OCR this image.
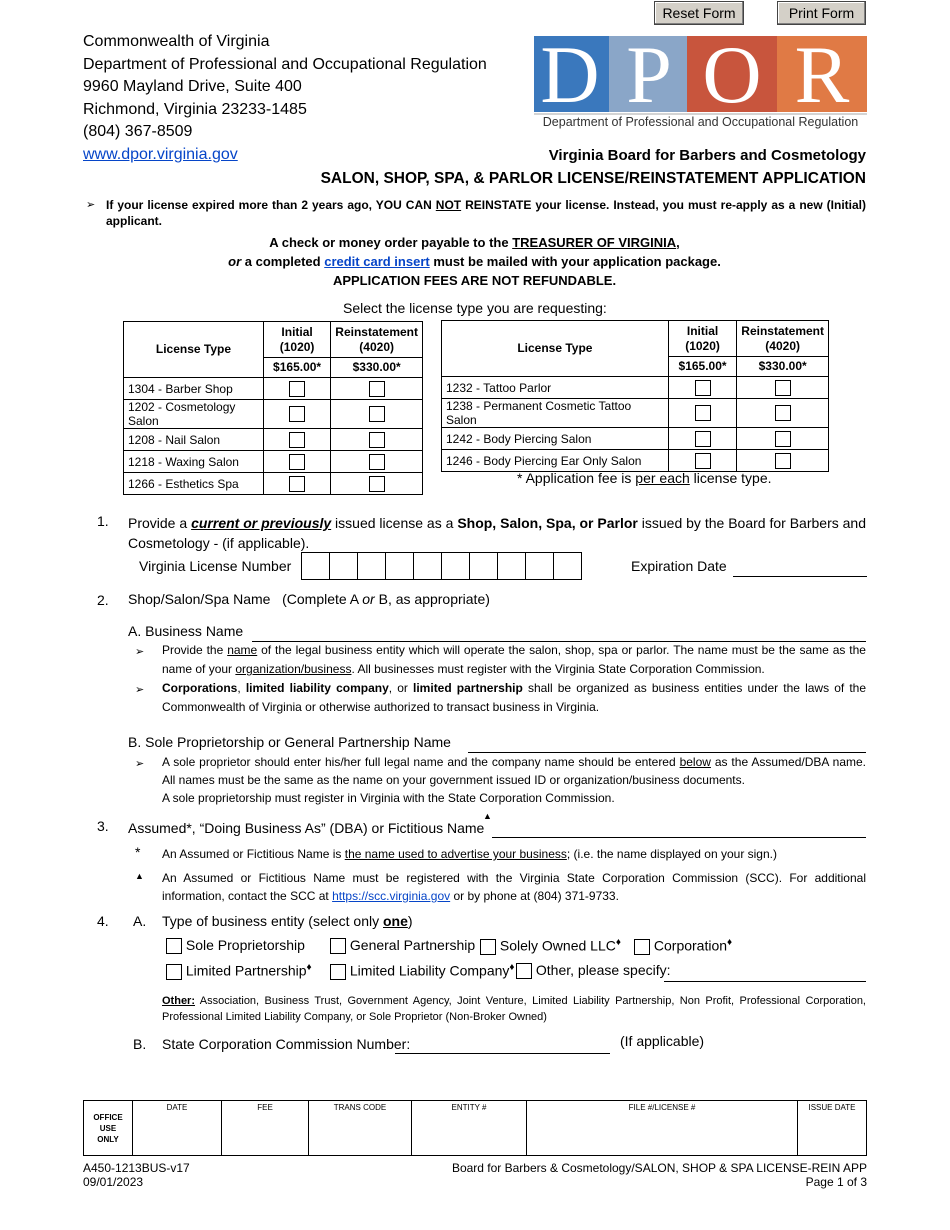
Reset Form	Print Form
Commonwealth of Virginia
Department of Professional and Occupational Regulation
9960 Mayland Drive, Suite 400
Richmond, Virginia 23233-1485
(804) 367-8509
www.dpor.virginia.gov
D P O R
Department of Professional and Occupational Regulation
Virginia Board for Barbers and Cosmetology
SALON, SHOP, SPA, & PARLOR LICENSE/REINSTATEMENT APPLICATION
➢ If your license expired more than 2 years ago, YOU CAN NOT REINSTATE your license. Instead, you must re-apply as a new (Initial) applicant.
A check or money order payable to the TREASURER OF VIRGINIA,
or a completed credit card insert must be mailed with your application package.
APPLICATION FEES ARE NOT REFUNDABLE.
Select the license type you are requesting:
License Type	Initial (1020)	Reinstatement (4020)
	$165.00*	$330.00*
1304 - Barber Shop		
1202 - Cosmetology Salon		
1208 - Nail Salon		
1218 - Waxing Salon		
1266 - Esthetics Spa		
License Type	Initial (1020)	Reinstatement (4020)
	$165.00*	$330.00*
1232 - Tattoo Parlor		
1238 - Permanent Cosmetic Tattoo Salon		
1242 - Body Piercing Salon		
1246 - Body Piercing Ear Only Salon		
* Application fee is per each license type.
1. Provide a current or previously issued license as a Shop, Salon, Spa, or Parlor issued by the Board for Barbers and Cosmetology - (if applicable).
Virginia License Number	Expiration Date
2. Shop/Salon/Spa Name (Complete A or B, as appropriate)
A. Business Name
➢ Provide the name of the legal business entity which will operate the salon, shop, spa or parlor. The name must be the same as the name of your organization/business. All businesses must register with the Virginia State Corporation Commission.
➢ Corporations, limited liability company, or limited partnership shall be organized as business entities under the laws of the Commonwealth of Virginia or otherwise authorized to transact business in Virginia.
B. Sole Proprietorship or General Partnership Name
➢ A sole proprietor should enter his/her full legal name and the company name should be entered below as the Assumed/DBA name. All names must be the same as the name on your government issued ID or organization/business documents.
A sole proprietorship must register in Virginia with the State Corporation Commission.
3. Assumed*, “Doing Business As” (DBA) or Fictitious Name
▲
* An Assumed or Fictitious Name is the name used to advertise your business; (i.e. the name displayed on your sign.)
▲ An Assumed or Fictitious Name must be registered with the Virginia State Corporation Commission (SCC). For additional information, contact the SCC at https://scc.virginia.gov or by phone at (804) 371-9733.
4. A. Type of business entity (select only one)
Sole Proprietorship	General Partnership	Solely Owned LLC♦	Corporation♦
Limited Partnership♦	Limited Liability Company♦	Other, please specify:
Other: Association, Business Trust, Government Agency, Joint Venture, Limited Liability Partnership, Non Profit, Professional Corporation, Professional Limited Liability Company, or Sole Proprietor (Non-Broker Owned)
B. State Corporation Commission Number:	(If applicable)
OFFICE USE ONLY
	DATE	FEE	TRANS CODE	ENTITY #	FILE #/LICENSE #	ISSUE DATE
A450-1213BUS-v17
09/01/2023
Board for Barbers & Cosmetology/SALON, SHOP & SPA LICENSE-REIN APP
Page 1 of 3
